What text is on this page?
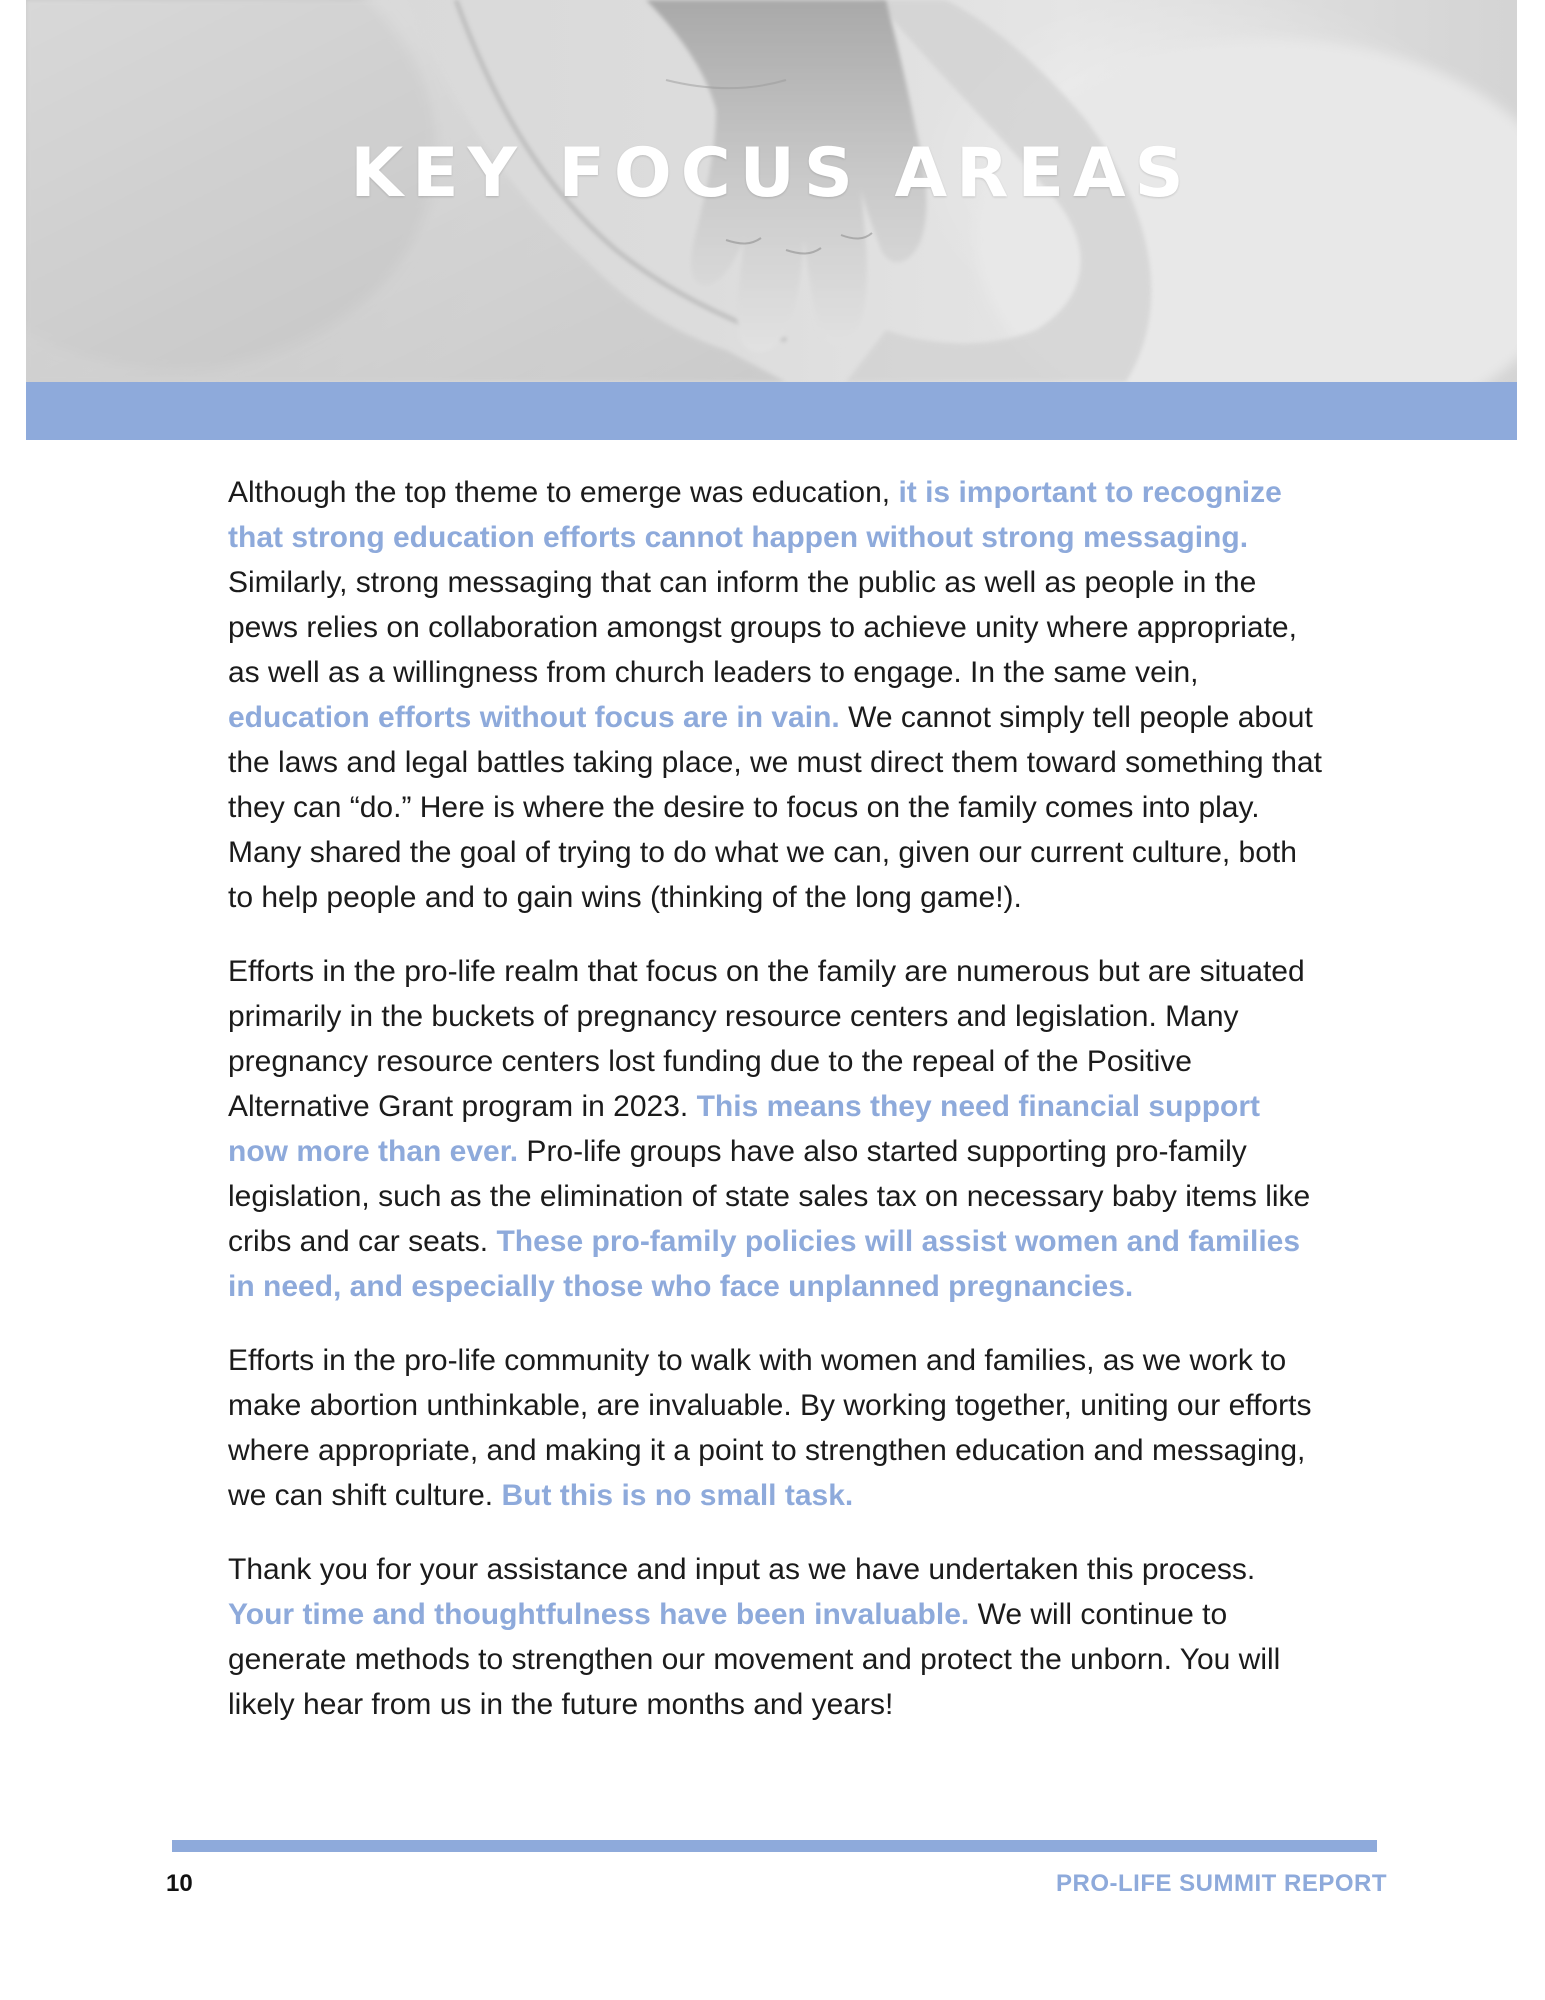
KEY FOCUS AREAS

Although the top theme to emerge was education, it is important to recognize that strong education efforts cannot happen without strong messaging. Similarly, strong messaging that can inform the public as well as people in the pews relies on collaboration amongst groups to achieve unity where appropriate, as well as a willingness from church leaders to engage. In the same vein, education efforts without focus are in vain. We cannot simply tell people about the laws and legal battles taking place, we must direct them toward something that they can “do.” Here is where the desire to focus on the family comes into play. Many shared the goal of trying to do what we can, given our current culture, both to help people and to gain wins (thinking of the long game!).

Efforts in the pro-life realm that focus on the family are numerous but are situated primarily in the buckets of pregnancy resource centers and legislation. Many pregnancy resource centers lost funding due to the repeal of the Positive Alternative Grant program in 2023. This means they need financial support now more than ever. Pro-life groups have also started supporting pro-family legislation, such as the elimination of state sales tax on necessary baby items like cribs and car seats. These pro-family policies will assist women and families in need, and especially those who face unplanned pregnancies.

Efforts in the pro-life community to walk with women and families, as we work to make abortion unthinkable, are invaluable. By working together, uniting our efforts where appropriate, and making it a point to strengthen education and messaging, we can shift culture. But this is no small task.

Thank you for your assistance and input as we have undertaken this process. Your time and thoughtfulness have been invaluable. We will continue to generate methods to strengthen our movement and protect the unborn. You will likely hear from us in the future months and years!

10	PRO-LIFE SUMMIT REPORT
